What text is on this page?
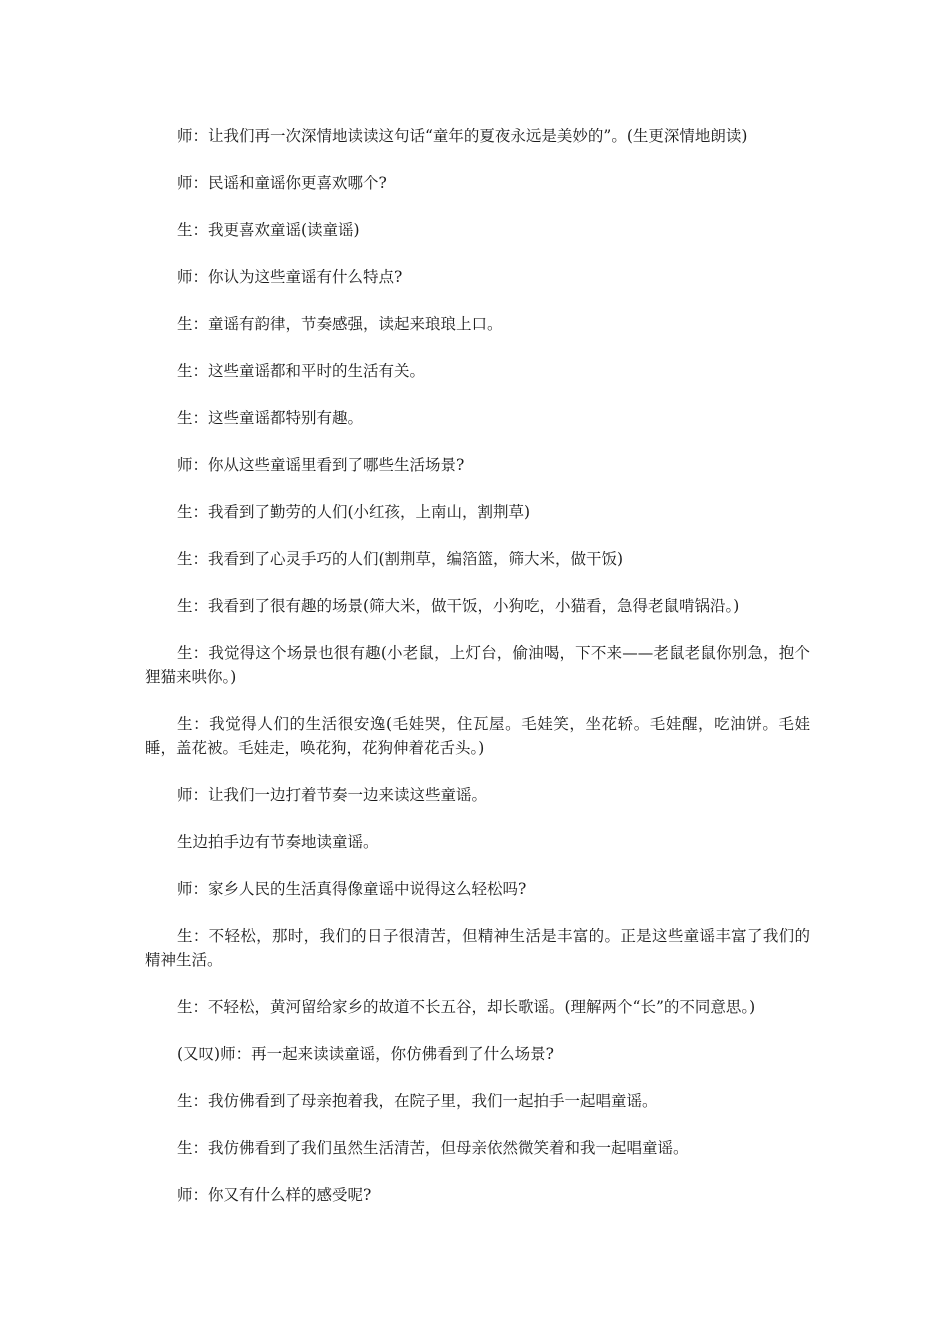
师：让我们再一次深情地读读这句话“童年的夏夜永远是美妙的”。(生更深情地朗读)

师：民谣和童谣你更喜欢哪个?

生：我更喜欢童谣(读童谣)

师：你认为这些童谣有什么特点?

生：童谣有韵律，节奏感强，读起来琅琅上口。

生：这些童谣都和平时的生活有关。

生：这些童谣都特别有趣。

师：你从这些童谣里看到了哪些生活场景?

生：我看到了勤劳的人们(小红孩，上南山，割荆草)

生：我看到了心灵手巧的人们(割荆草，编箔篮，筛大米，做干饭)

生：我看到了很有趣的场景(筛大米，做干饭，小狗吃，小猫看，急得老鼠啃锅沿。)

生：我觉得这个场景也很有趣(小老鼠，上灯台，偷油喝，下不来——老鼠老鼠你别急，抱个狸猫来哄你。)

生：我觉得人们的生活很安逸(毛娃哭，住瓦屋。毛娃笑，坐花轿。毛娃醒，吃油饼。毛娃睡，盖花被。毛娃走，唤花狗，花狗伸着花舌头。)

师：让我们一边打着节奏一边来读这些童谣。

生边拍手边有节奏地读童谣。

师：家乡人民的生活真得像童谣中说得这么轻松吗?

生：不轻松，那时，我们的日子很清苦，但精神生活是丰富的。正是这些童谣丰富了我们的精神生活。

生：不轻松，黄河留给家乡的故道不长五谷，却长歌谣。(理解两个“长”的不同意思。)

(又叹)师：再一起来读读童谣，你仿佛看到了什么场景?

生：我仿佛看到了母亲抱着我，在院子里，我们一起拍手一起唱童谣。

生：我仿佛看到了我们虽然生活清苦，但母亲依然微笑着和我一起唱童谣。

师：你又有什么样的感受呢?
